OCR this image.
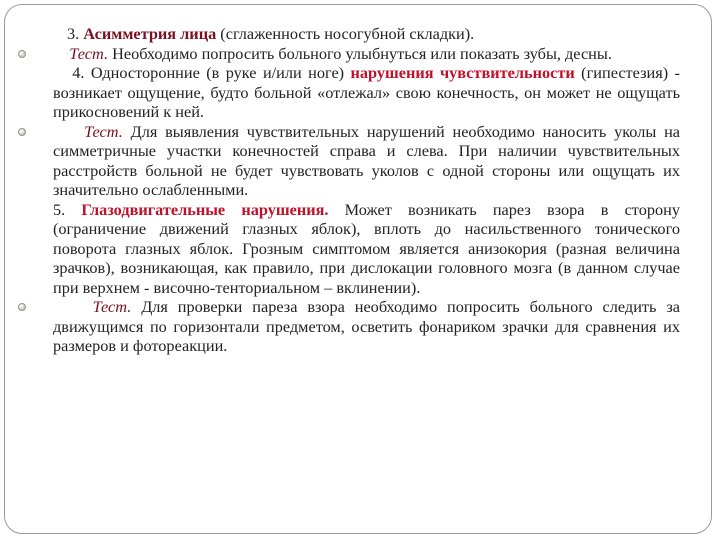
3. Асимметрия лица (сглаженность носогубной складки).

Тест. Необходимо попросить больного улыбнуться или показать зубы, десны.

4. Односторонние (в руке и/или ноге) нарушения чувствительности (гипестезия) - возникает ощущение, будто больной «отлежал» свою конечность, он может не ощущать прикосновений к ней.

Тест. Для выявления чувствительных нарушений необходимо наносить уколы на симметричные участки конечностей справа и слева. При наличии чувствительных расстройств больной не будет чувствовать уколов с одной стороны или ощущать их значительно ослабленными.

5. Глазодвигательные нарушения. Может возникать парез взора в сторону (ограничение движений глазных яблок), вплоть до насильственного тонического поворота глазных яблок. Грозным симптомом является анизокория (разная величина зрачков), возникающая, как правило, при дислокации головного мозга (в данном случае при верхнем - височно-тенториальном – вклинении).

Тест. Для проверки пареза взора необходимо попросить больного следить за движущимся по горизонтали предметом, осветить фонариком зрачки для сравнения их размеров и фотореакции.
